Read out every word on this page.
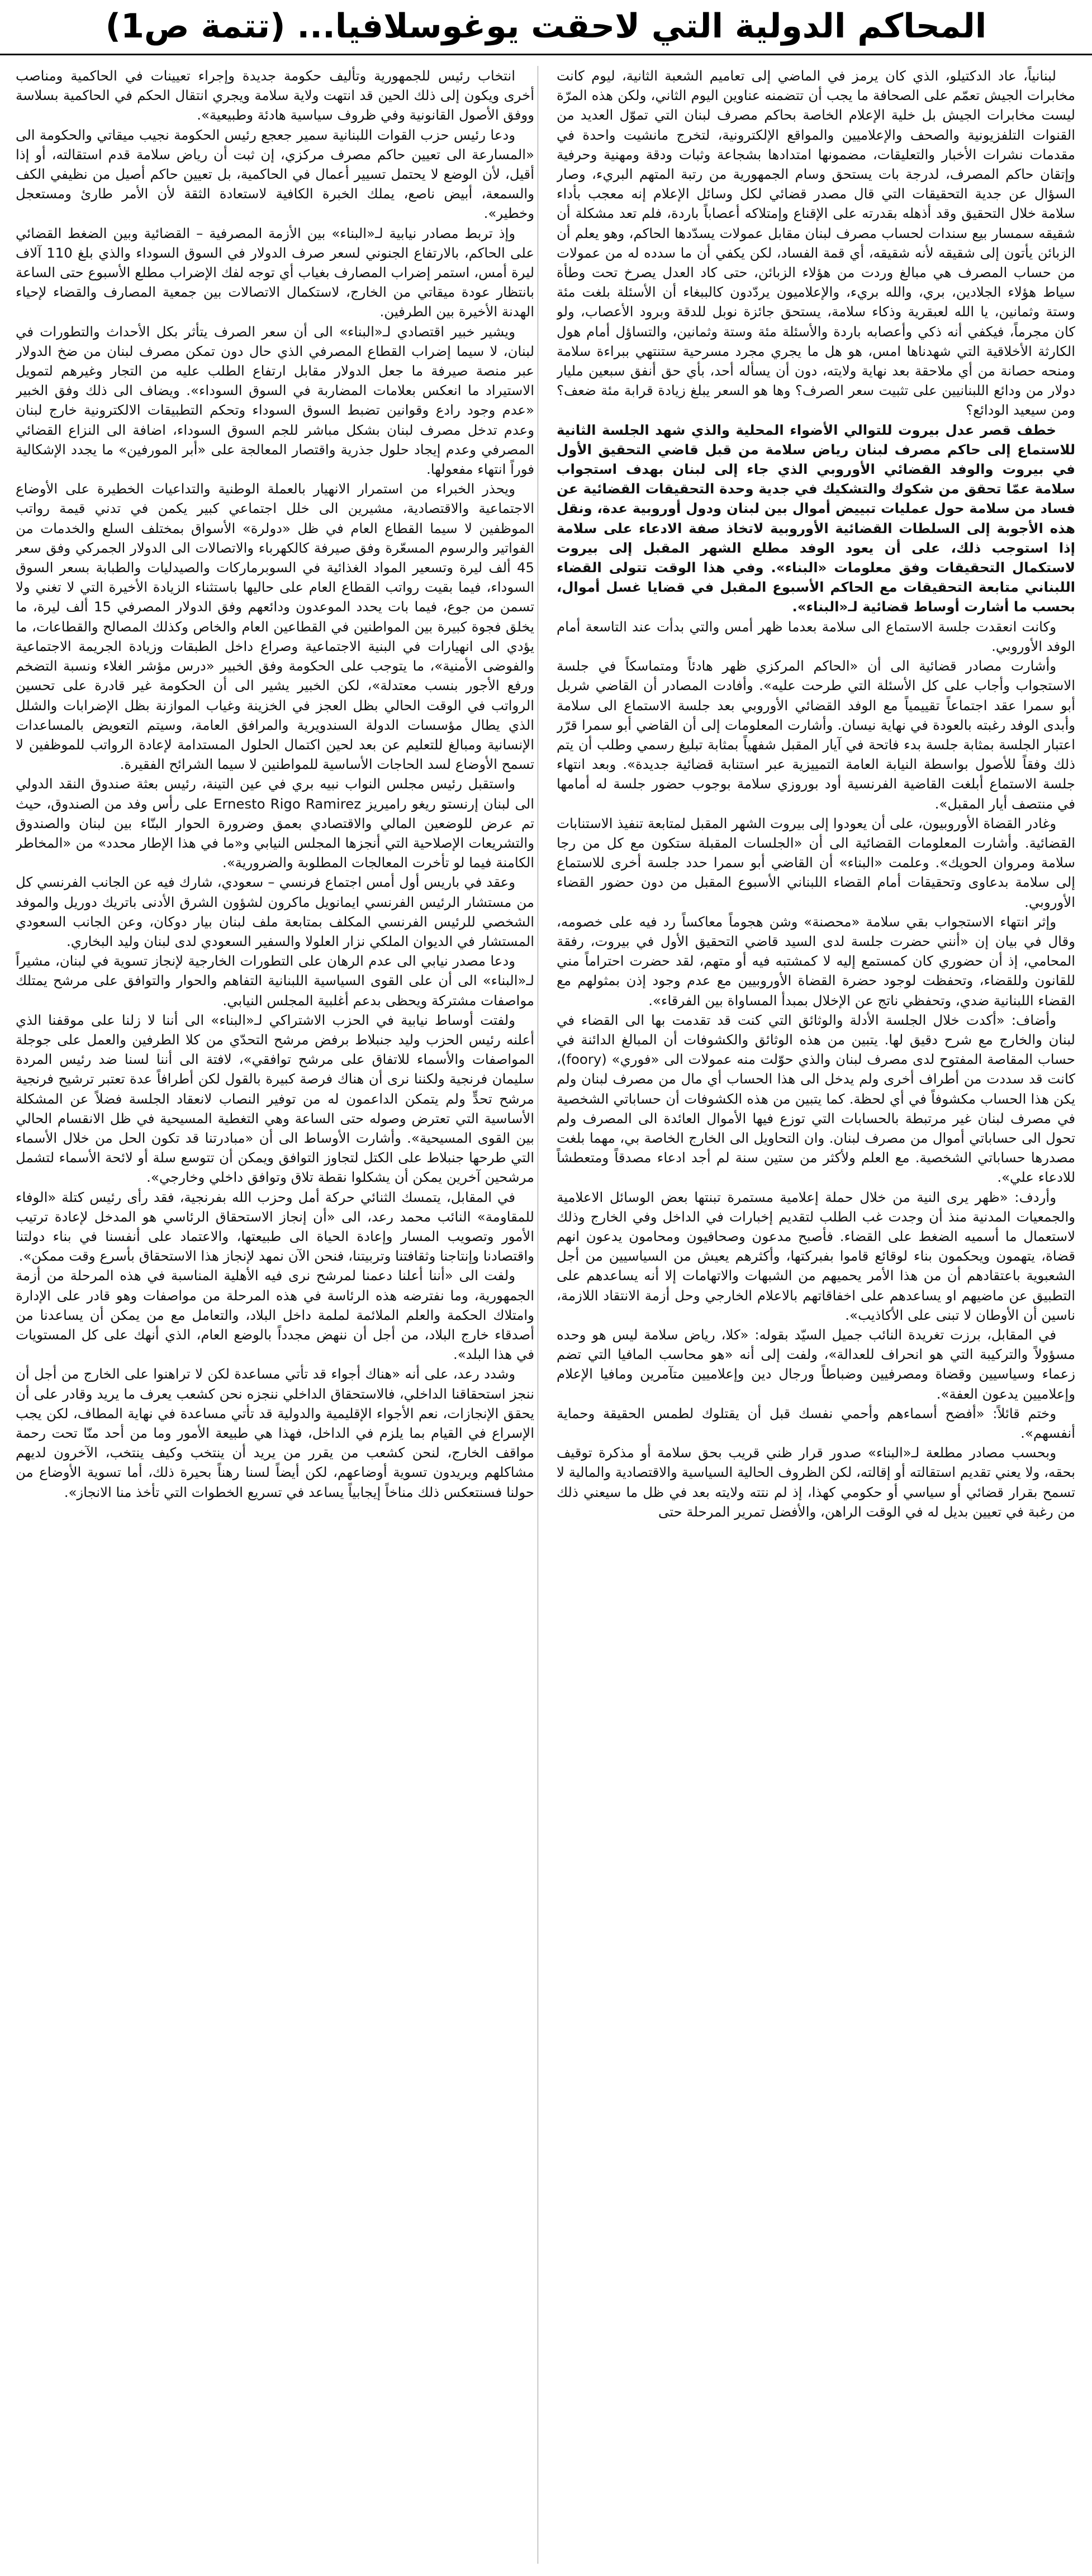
المحاكم الدولية التي لاحقت يوغوسلافيا... (تتمة ص1)

لبنانياً، عاد الدكتيلو، الذي كان يرمز في الماضي إلى تعاميم الشعبة الثانية، ليوم كانت مخابرات الجيش تعمّم على الصحافة ما يجب أن تتضمنه عناوين اليوم الثاني، ولكن هذه المرّة ليست مخابرات الجيش بل خلية الإعلام الخاصة بحاكم مصرف لبنان التي تموّل العديد من القنوات التلفزيونية والصحف والإعلاميين والمواقع الإلكترونية، لتخرج مانشيت واحدة في مقدمات نشرات الأخبار والتعليقات، مضمونها امتدادها بشجاعة وثبات ودقة ومهنية وحرفية وإتقان حاكم المصرف، لدرجة بات يستحق وسام الجمهورية من رتبة المتهم البريء، وصار السؤال عن جدية التحقيقات التي قال مصدر قضائي لكل وسائل الإعلام إنه معجب بأداء سلامة خلال التحقيق وقد أذهله بقدرته على الإقناع وإمتلاكه أعصاباً باردة، فلم تعد مشكلة أن شقيقه سمسار بيع سندات لحساب مصرف لبنان مقابل عمولات يسدّدها الحاكم، وهو يعلم أن الزبائن يأتون إلى شقيقه لأنه شقيقه، أي قمة الفساد، لكن يكفي أن ما سدده له من عمولات من حساب المصرف هي مبالغ وردت من هؤلاء الزبائن، حتى كاد العدل يصرخ تحت وطأة سياط هؤلاء الجلادين، بري، والله بريء، والإعلاميون يردّدون كالببغاء أن الأسئلة بلغت مئة وستة وثمانين، يا الله لعبقرية وذكاء سلامة، يستحق جائزة نوبل للدقة وبرود الأعصاب، ولو كان مجرماً، فيكفي أنه ذكي وأعصابه باردة والأسئلة مئة وستة وثمانين، والتساؤل أمام هول الكارثة الأخلاقية التي شهدناها امس، هو هل ما يجري مجرد مسرحية ستنتهي ببراءة سلامة ومنحه حصانة من أي ملاحقة بعد نهاية ولايته، دون أن يسأله أحد، بأي حق أنفق سبعين مليار دولار من ودائع اللبنانيين على تثبيت سعر الصرف؟ وها هو السعر يبلغ زيادة قرابة مئة ضعف؟ ومن سيعيد الودائع؟

خطف قصر عدل بيروت للتوالي الأضواء المحلية والذي شهد الجلسة الثانية للاستماع إلى حاكم مصرف لبنان رياض سلامة من قبل قاضي التحقيق الأول في بيروت والوفد القضائي الأوروبي الذي جاء إلى لبنان بهدف استجواب سلامة عمّا تحقق من شكوك والتشكيك في جدية وحدة التحقيقات القضائية عن فساد من سلامة حول عمليات تبييض أموال بين لبنان ودول أوروبية عدة، ونقل هذه الأجوبة إلى السلطات القضائية الأوروبية لاتخاذ صفة الادعاء على سلامة إذا استوجب ذلك، على أن يعود الوفد مطلع الشهر المقبل إلى بيروت لاستكمال التحقيقات وفق معلومات «البناء». وفي هذا الوقت تتولى القضاء اللبناني متابعة التحقيقات مع الحاكم الأسبوع المقبل في قضايا غسل أموال، بحسب ما أشارت أوساط قضائية لـ«البناء».

وكانت انعقدت جلسة الاستماع الى سلامة بعدما ظهر أمس والتي بدأت عند التاسعة أمام الوفد الأوروبي.

وأشارت مصادر قضائية الى أن «الحاكم المركزي ظهر هادئاً ومتماسكاً في جلسة الاستجواب وأجاب على كل الأسئلة التي طرحت عليه». وأفادت المصادر أن القاضي شربل أبو سمرا عقد اجتماعاً تقييمياً مع الوفد القضائي الأوروبي بعد جلسة الاستماع الى سلامة وأبدى الوفد رغبته بالعودة في نهاية نيسان. وأشارت المعلومات إلى أن القاضي أبو سمرا قرّر اعتبار الجلسة بمثابة جلسة بدء فاتحة في آيار المقبل شفهياً بمثابة تبليغ رسمي وطلب أن يتم ذلك وفقاً للأصول بواسطة النيابة العامة التمييزية عبر استنابة قضائية جديدة». وبعد انتهاء جلسة الاستماع أبلغت القاضية الفرنسية أود بوروزي سلامة بوجوب حضور جلسة له أمامها في منتصف أيار المقبل».

وغادر القضاة الأوروبيون، على أن يعودوا إلى بيروت الشهر المقبل لمتابعة تنفيذ الاستنابات القضائية. وأشارت المعلومات القضائية الى أن «الجلسات المقبلة ستكون مع كل من رجا سلامة ومروان الحويك». وعلمت «البناء» أن القاضي أبو سمرا حدد جلسة أخرى للاستماع إلى سلامة بدعاوى وتحقيقات أمام القضاء اللبناني الأسبوع المقبل من دون حضور القضاء الأوروبي.

وإثر انتهاء الاستجواب بقي سلامة «محصنة» وشن هجوماً معاكساً رد فيه على خصومه، وقال في بيان إن «أنني حضرت جلسة لدى السيد قاضي التحقيق الأول في بيروت، رفقة المحامي، إذ أن حضوري كان كمستمع إليه لا كمشتبه فيه أو متهم، لقد حضرت احتراماً مني للقانون وللقضاء، وتحفظت لوجود حضرة القضاة الأوروبيين مع عدم وجود إذن بمثولهم مع القضاء اللبنانية ضدي، وتحفظي ناتج عن الإخلال بمبدأ المساواة بين الفرقاء».

وأضاف: «أكدت خلال الجلسة الأدلة والوثائق التي كنت قد تقدمت بها الى القضاء في لبنان والخارج مع شرح دقيق لها. يتبين من هذه الوثائق والكشوفات أن المبالغ الدائنة في حساب المقاصة المفتوح لدى مصرف لبنان والذي حوّلت منه عمولات الى «فوري» (foory)، كانت قد سددت من أطراف أخرى ولم يدخل الى هذا الحساب أي مال من مصرف لبنان ولم يكن هذا الحساب مكشوفاً في أي لحظة. كما يتبين من هذه الكشوفات أن حساباتي الشخصية في مصرف لبنان غير مرتبطة بالحسابات التي توزع فيها الأموال العائدة الى المصرف ولم تحول الى حساباتي أموال من مصرف لبنان. وان التحاويل الى الخارج الخاصة بي، مهما بلغت مصدرها حساباتي الشخصية. مع العلم ولأكثر من ستين سنة لم أجد ادعاء مصدقاً ومتعطشاً للادعاء علي».

وأردف: «ظهر يرى النية من خلال حملة إعلامية مستمرة تبنتها بعض الوسائل الاعلامية والجمعيات المدنية منذ أن وجدت غب الطلب لتقديم إخبارات في الداخل وفي الخارج وذلك لاستعمال ما أسميه الضغط على القضاء. فأصبح مدعون وصحافيون ومحامون يدعون انهم قضاة، يتهمون ويحكمون بناء لوقائع قاموا بفبركتها، وأكثرهم يعيش من السياسيين من أجل الشعبوية باعتقادهم أن من هذا الأمر يحميهم من الشبهات والاتهامات إلا أنه يساعدهم على التطبيق عن ماضيهم او يساعدهم على اخفاقاتهم بالاعلام الخارجي وحل أزمة الانتقاد اللازمة، ناسين أن الأوطان لا تبنى على الأكاذيب».

في المقابل، برزت تغريدة النائب جميل السيّد بقوله: «كلا، رياض سلامة ليس هو وحده مسؤولاً والتركيبة التي هو انحراف للعدالة»، ولفت إلى أنه «هو محاسب المافيا التي تضم زعماء وسياسيين وقضاة ومصرفيين وضباطاً ورجال دين وإعلاميين متآمرين ومافيا الإعلام وإعلاميين يدعون العفة».

وختم قائلاً: «أفضح أسماءهم وأحمي نفسك قبل أن يقتلوك لطمس الحقيقة وحماية أنفسهم».

وبحسب مصادر مطلعة لـ«البناء» صدور قرار ظني قريب بحق سلامة أو مذكرة توقيف بحقه، ولا يعني تقديم استقالته أو إقالته، لكن الظروف الحالية السياسية والاقتصادية والمالية لا تسمح بقرار قضائي أو سياسي أو حكومي كهذا، إذ لم نتته ولايته بعد في ظل ما سيعني ذلك من رغبة في تعيين بديل له في الوقت الراهن، والأفضل تمرير المرحلة حتى

انتخاب رئيس للجمهورية وتأليف حكومة جديدة وإجراء تعيينات في الحاكمية ومناصب أخرى ويكون إلى ذلك الحين قد انتهت ولاية سلامة ويجري انتقال الحكم في الحاكمية بسلاسة ووفق الأصول القانونية وفي ظروف سياسية هادئة وطبيعية».

ودعا رئيس حزب القوات اللبنانية سمير جعجع رئيس الحكومة نجيب ميقاتي والحكومة الى «المسارعة الى تعيين حاكم مصرف مركزي، إن ثبت أن رياض سلامة قدم استقالته، أو إذا أقيل، لأن الوضع لا يحتمل تسيير أعمال في الحاكمية، بل تعيين حاكم أصيل من نظيفي الكف والسمعة، أبيض ناصع، يملك الخبرة الكافية لاستعادة الثقة لأن الأمر طارئ ومستعجل وخطير».

وإذ تربط مصادر نيابية لـ«البناء» بين الأزمة المصرفية – القضائية وبين الضغط القضائي على الحاكم، بالارتفاع الجنوني لسعر صرف الدولار في السوق السوداء والذي بلغ 110 آلاف ليرة أمس، استمر إضراب المصارف بغياب أي توجه لفك الإضراب مطلع الأسبوع حتى الساعة بانتظار عودة ميقاتي من الخارج، لاستكمال الاتصالات بين جمعية المصارف والقضاء لإحياء الهدنة الأخيرة بين الطرفين.

ويشير خبير اقتصادي لـ«البناء» الى أن سعر الصرف يتأثر بكل الأحداث والتطورات في لبنان، لا سيما إضراب القطاع المصرفي الذي حال دون تمكن مصرف لبنان من ضخ الدولار عبر منصة صيرفة ما جعل الدولار مقابل ارتفاع الطلب عليه من التجار وغيرهم لتمويل الاستيراد ما انعكس بعلامات المضاربة في السوق السوداء». ويضاف الى ذلك وفق الخبير «عدم وجود رادع وقوانين تضبط السوق السوداء وتحكم التطبيقات الالكترونية خارج لبنان وعدم تدخل مصرف لبنان بشكل مباشر للجم السوق السوداء، اضافة الى النزاع القضائي المصرفي وعدم إيجاد حلول جذرية واقتصار المعالجة على «أبر المورفين» ما يجدد الإشكالية فوراً انتهاء مفعولها.

ويحذر الخبراء من استمرار الانهيار بالعملة الوطنية والتداعيات الخطيرة على الأوضاع الاجتماعية والاقتصادية، مشيرين الى خلل اجتماعي كبير يكمن في تدني قيمة رواتب الموظفين لا سيما القطاع العام في ظل «دولرة» الأسواق بمختلف السلع والخدمات من الفواتير والرسوم المسعّرة وفق صيرفة كالكهرباء والاتصالات الى الدولار الجمركي وفق سعر 45 ألف ليرة وتسعير المواد الغذائية في السوبرماركات والصيدليات والطبابة بسعر السوق السوداء، فيما بقيت رواتب القطاع العام على حاليها باستثناء الزيادة الأخيرة التي لا تغني ولا تسمن من جوع، فيما بات يحدد الموعدون ودائعهم وفق الدولار المصرفي 15 ألف ليرة، ما يخلق فجوة كبيرة بين المواطنين في القطاعين العام والخاص وكذلك المصالح والقطاعات، ما يؤدي الى انهيارات في البنية الاجتماعية وصراع داخل الطبقات وزيادة الجريمة الاجتماعية والفوضى الأمنية»، ما يتوجب على الحكومة وفق الخبير «درس مؤشر الغلاء ونسبة التضخم ورفع الأجور بنسب معتدلة»، لكن الخبير يشير الى أن الحكومة غير قادرة على تحسين الرواتب في الوقت الحالي بظل العجز في الخزينة وغياب الموازنة بظل الإضرابات والشلل الذي يطال مؤسسات الدولة السندويرية والمرافق العامة، وسيتم التعويض بالمساعدات الإنسانية ومبالغ للتعليم عن بعد لحين اكتمال الحلول المستدامة لإعادة الرواتب للموظفين لا تسمح الأوضاع لسد الحاجات الأساسية للمواطنين لا سيما الشرائح الفقيرة.

واستقبل رئيس مجلس النواب نبيه بري في عين التينة، رئيس بعثة صندوق النقد الدولي الى لبنان إرنستو ريغو راميريز Ernesto Rigo Ramirez على رأس وفد من الصندوق، حيث تم عرض للوضعين المالي والاقتصادي بعمق وضرورة الحوار البنّاء بين لبنان والصندوق والتشريعات الإصلاحية التي أنجزها المجلس النيابي و«ما في هذا الإطار محدد» من «المخاطر الكامنة فيما لو تأخرت المعالجات المطلوبة والضرورية».

وعقد في باريس أول أمس اجتماع فرنسي – سعودي، شارك فيه عن الجانب الفرنسي كل من مستشار الرئيس الفرنسي ايمانويل ماكرون لشؤون الشرق الأدنى باتريك دوريل والموفد الشخصي للرئيس الفرنسي المكلف بمتابعة ملف لبنان بيار دوكان، وعن الجانب السعودي المستشار في الديوان الملكي نزار العلولا والسفير السعودي لدى لبنان وليد البخاري.

ودعا مصدر نيابي الى عدم الرهان على التطورات الخارجية لإنجاز تسوية في لبنان، مشيراً لـ«البناء» الى أن على القوى السياسية اللبنانية التفاهم والحوار والتوافق على مرشح يمتلك مواصفات مشتركة ويحظى بدعم أغلبية المجلس النيابي.

ولفتت أوساط نيابية في الحزب الاشتراكي لـ«البناء» الى أننا لا زلنا على موقفنا الذي أعلنه رئيس الحزب وليد جنبلاط برفض مرشح التحدّي من كلا الطرفين والعمل على جوجلة المواصفات والأسماء للاتفاق على مرشح توافقي»، لافتة الى أننا لسنا ضد رئيس المردة سليمان فرنجية ولكننا نرى أن هناك فرصة كبيرة بالقول لكن أطرافاً عدة تعتبر ترشيح فرنجية مرشح تحدٍّ ولم يتمكن الداعمون له من توفير النصاب لانعقاد الجلسة فضلاً عن المشكلة الأساسية التي تعترض وصوله حتى الساعة وهي التغطية المسيحية في ظل الانقسام الحالي بين القوى المسيحية». وأشارت الأوساط الى أن «مبادرتنا قد تكون الحل من خلال الأسماء التي طرحها جنبلاط على الكتل لتجاوز التوافق ويمكن أن تتوسع سلة أو لائحة الأسماء لتشمل مرشحين آخرين يمكن أن يشكلوا نقطة تلاق وتوافق داخلي وخارجي».

في المقابل، يتمسك الثنائي حركة أمل وحزب الله بفرنجية، فقد رأى رئيس كتلة «الوفاء للمقاومة» النائب محمد رعد، الى «أن إنجاز الاستحقاق الرئاسي هو المدخل لإعادة ترتيب الأمور وتصويب المسار وإعادة الحياة الى طبيعتها، والاعتماد على أنفسنا في بناء دولتنا واقتصادنا وإنتاجنا وثقافتنا وتربيتنا، فنحن الآن نمهد لإنجاز هذا الاستحقاق بأسرع وقت ممكن».

ولفت الى «أننا أعلنا دعمنا لمرشح نرى فيه الأهلية المناسبة في هذه المرحلة من أزمة الجمهورية، وما نفترضه هذه الرئاسة في هذه المرحلة من مواصفات وهو قادر على الإدارة وامتلاك الحكمة والعلم الملائمة لملمة داخل البلاد، والتعامل مع من يمكن أن يساعدنا من أصدقاء خارج البلاد، من أجل أن ننهض مجدداً بالوضع العام، الذي أنهك على كل المستويات في هذا البلد».

وشدد رعد، على أنه «هناك أجواء قد تأتي مساعدة لكن لا تراهنوا على الخارج من أجل أن ننجز استحقاقنا الداخلي، فالاستحقاق الداخلي ننجزه نحن كشعب يعرف ما يريد وقادر على أن يحقق الإنجازات، نعم الأجواء الإقليمية والدولية قد تأتي مساعدة في نهاية المطاف، لكن يجب الإسراع في القيام بما يلزم في الداخل، فهذا هي طبيعة الأمور وما من أحد منّا تحت رحمة مواقف الخارج، لنحن كشعب من يقرر من يريد أن ينتخب وكيف ينتخب، الآخرون لديهم مشاكلهم ويريدون تسوية أوضاعهم، لكن أيضاً لسنا رهناً بحيرة ذلك، أما تسوية الأوضاع من حولنا فسنتعكس ذلك مناخاً إيجابياً يساعد في تسريع الخطوات التي تأخذ منا الانجاز».
